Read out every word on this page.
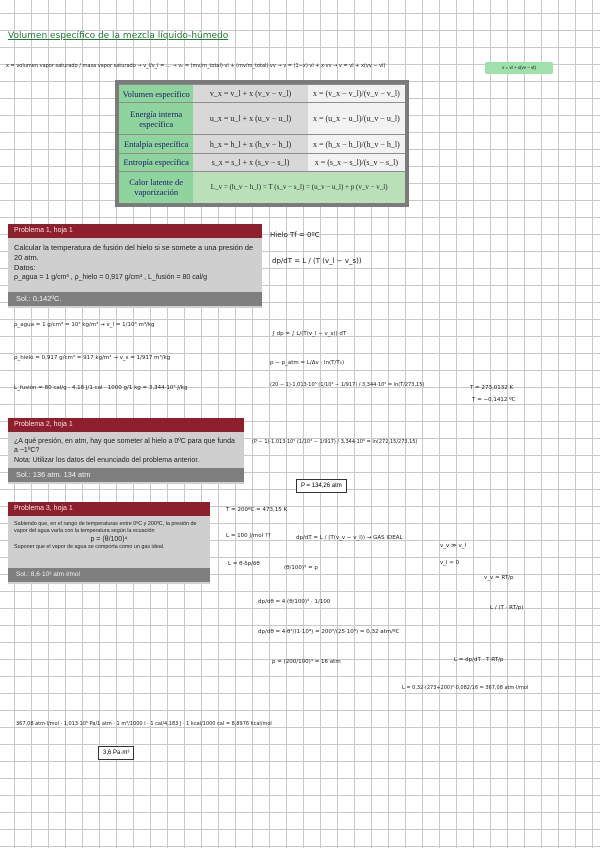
Volumen específico de la mezcla líquido-húmedo
x = volumen vapor saturado / masa vapor saturado → v_l/v_l = … → vₕ = (mv/m_total)·vl + (mv/m_total)·vv → v = (1−x)·vl + x·vv → v = vl + x(vv − vl)	v = vl + x(vv − vl)
Volumen específico	v_x = v_l + x (v_v − v_l)	x = (v_x − v_l)/(v_v − v_l)
Energía interna específica	u_x = u_l + x (u_v − u_l)	x = (u_x − u_l)/(u_v − u_l)
Entalpía específica	h_x = h_l + x (h_v − h_l)	x = (h_x − h_l)/(h_v − h_l)
Entropía específica	s_x = s_l + x (s_v − s_l)	x = (s_x − s_l)/(s_v − s_l)
Calor latente de vaporización	L_v = (h_v − h_l) = T (s_v − s_l) = (u_v − u_l) + p (v_v − v_l)	
Problema 1, hoja 1
Calcular la temperatura de fusión del hielo si se somete a una presión de 20 atm.
Datos:
ρ_agua = 1 g/cm³ , ρ_hielo = 0,917 g/cm³ , L_fusión = 80 cal/g
Sol.: 0,142ºC.
Hielo Tf = 0ºC
dp/dT = L / (T (v_l − v_s))
ρ_agua = 1 g/cm³ = 10³ kg/m³ → v_l = 1/10³ m³/kg
ρ_hielo = 0,917 g/cm³ = 917 kg/m³ → v_s = 1/917 m³/kg
L_fusión = 80 cal/g · 4,18 J/1 cal · 1000 g/1 kg = 3,344·10⁵ J/kg
∫ dp = ∫ L/(T(v_l − v_s)) dT
p − p_atm = L/Δv · ln(T/T₀)
(20 − 1)·1,013·10⁵ (1/10³ − 1/917) / 3,344·10⁵ = ln(T/273,15)	T = 273,0132 K
T = −0,1412 ºC
Problema 2, hoja 1
¿A qué presión, en atm, hay que someter al hielo a 0ºC para que funda a −1ºC?
Nota: Utilizar los datos del enunciado del problema anterior.
Sol.: 136 atm. 134 atm
(P − 1)·1,013·10⁵ (1/10³ − 1/917) / 3,344·10⁵ = ln(272,15/273,15)
P = 134,26 atm
Problema 3, hoja 1
Sabiendo que, en el rango de temperaturas entre 0ºC y 200ºC, la presión de vapor del agua varía con la temperatura según la ecuación
p = (θ/100)⁴
Suponer que el vapor de agua se comporta como un gas ideal.
Sol.: 8,6·10³ atm·l/mol
T = 200ºC = 473,15 K
L = 100 J/mol ??	dp/dT = L / (T(v_v − v_l)) → GAS IDEAL
v_v ≫ v_l
v_l ≈ 0
L = θ·δp/δθ
(θ/100)⁴ = p
dp/dθ = 4 (θ/100)³ · 1/100
dp/dθ = 4·θ³/(1·10⁸) = 200³/(25·10⁶) = 0,32 atm/ºC
p = (200/100)⁴ = 16 atm
v_v = RT/p
L / (T · RT/p)
L = dp/dT · T·RT/p
L = 0,32·(273+200)²·0,082/16 = 367,08 atm·l/mol
367,08 atm·l/mol · 1,013·10⁵ Pa/1 atm · 1 m³/1000 l · 1 cal/4,183 J · 1 kcal/1000 cal = 8,8976 kcal/mol
3,6 Pa·m³
